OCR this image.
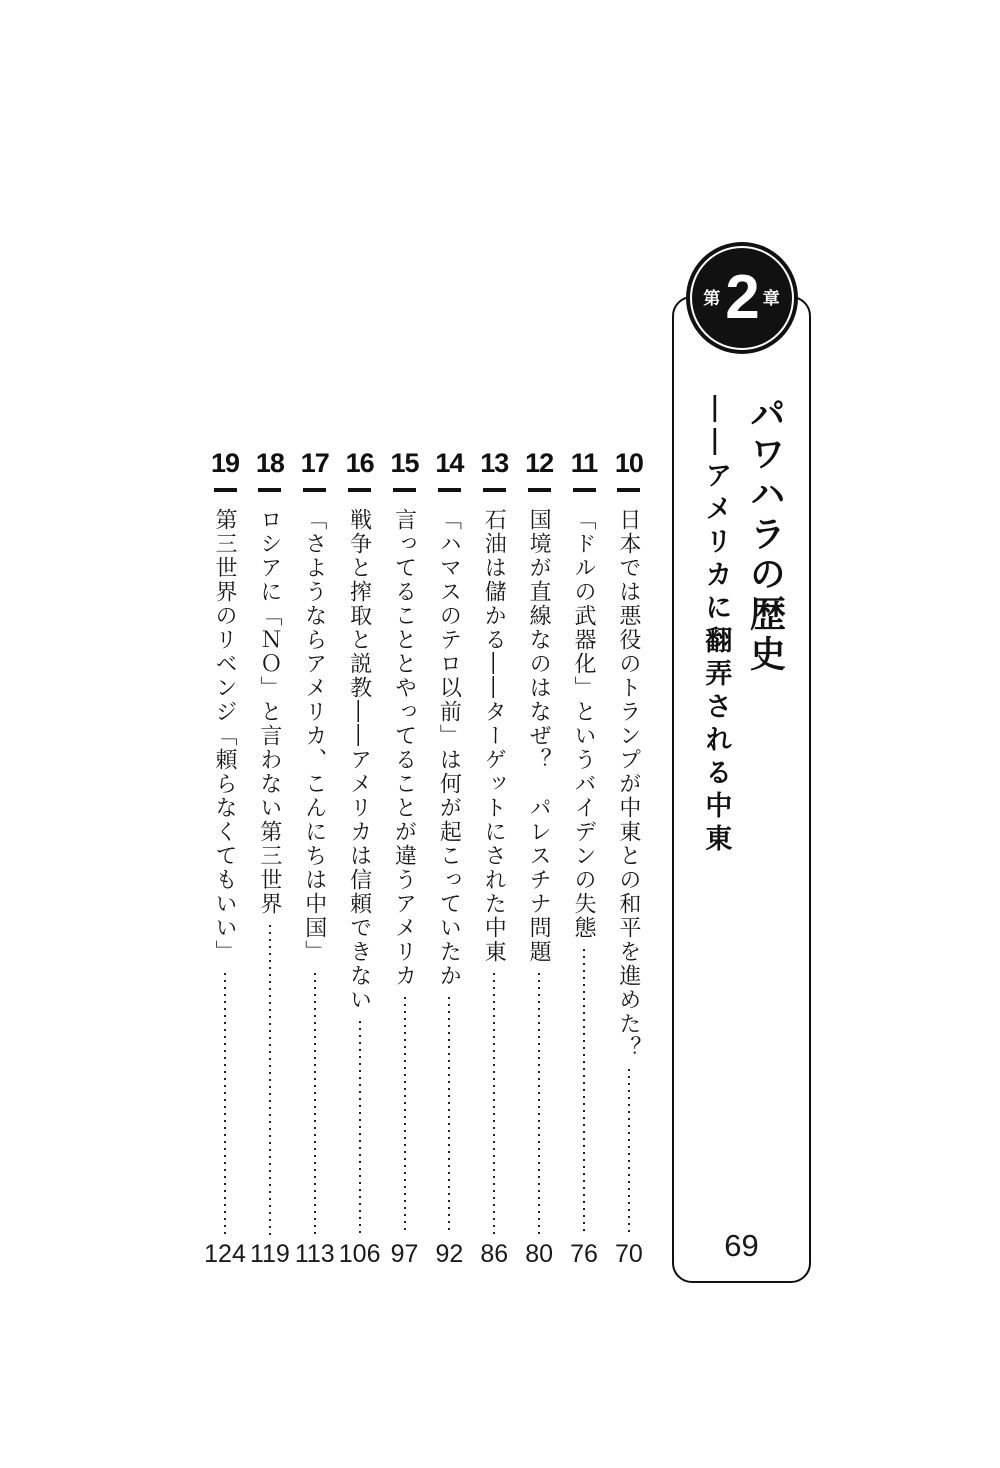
第 2 章
パワハラの歴史
——アメリカに翻弄される中東
69
10
日本では悪役のトランプが中東との和平を進めた？
70
11
「ドルの武器化」というバイデンの失態
76
12
国境が直線なのはなぜ？　パレスチナ問題
80
13
石油は儲かる——ターゲットにされた中東
86
14
「ハマスのテロ以前」は何が起こっていたか
92
15
言ってることとやってることが違うアメリカ
97
16
戦争と搾取と説教——アメリカは信頼できない
106
17
「さようならアメリカ、こんにちは中国」
113
18
ロシアに「ＮＯ」と言わない第三世界
119
19
第三世界のリベンジ「頼らなくてもいい」
124
